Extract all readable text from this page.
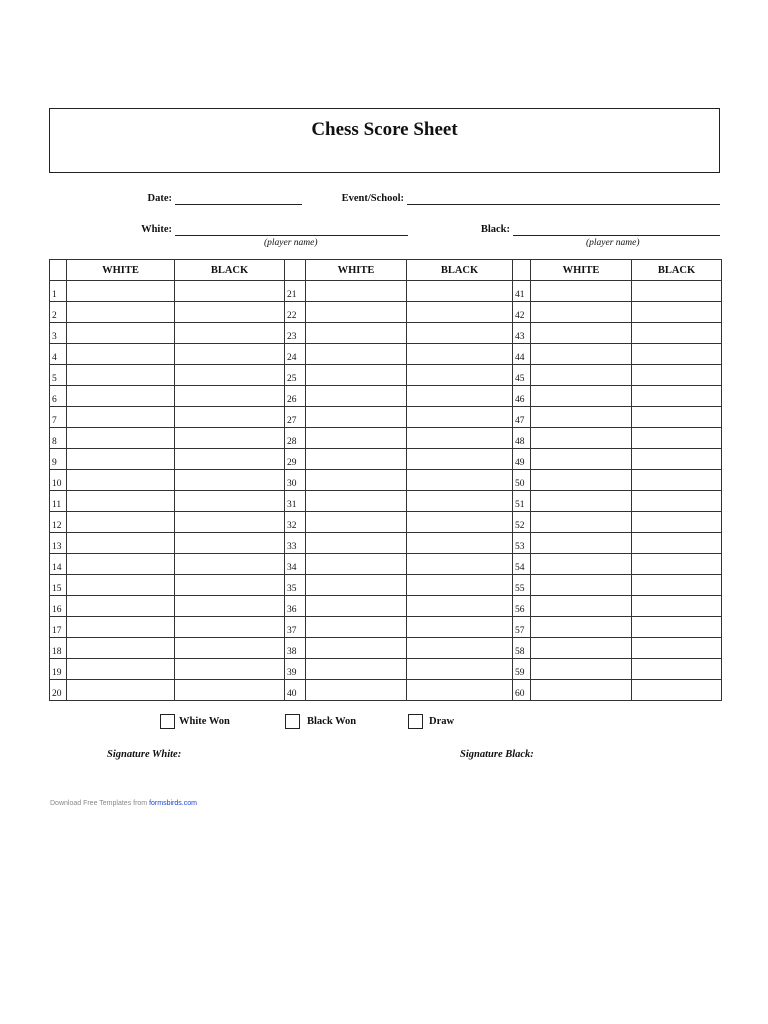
Chess Score Sheet
Date:	Event/School:
White:
(player name)
Black:
(player name)
	WHITE	BLACK		WHITE	BLACK		WHITE	BLACK
1			21			41		
2			22			42		
3			23			43		
4			24			44		
5			25			45		
6			26			46		
7			27			47		
8			28			48		
9			29			49		
10			30			50		
11			31			51		
12			32			52		
13			33			53		
14			34			54		
15			35			55		
16			36			56		
17			37			57		
18			38			58		
19			39			59		
20			40			60		
White Won	Black Won	Draw
Signature White:	Signature Black:
Download Free Templates from formsbirds.com
